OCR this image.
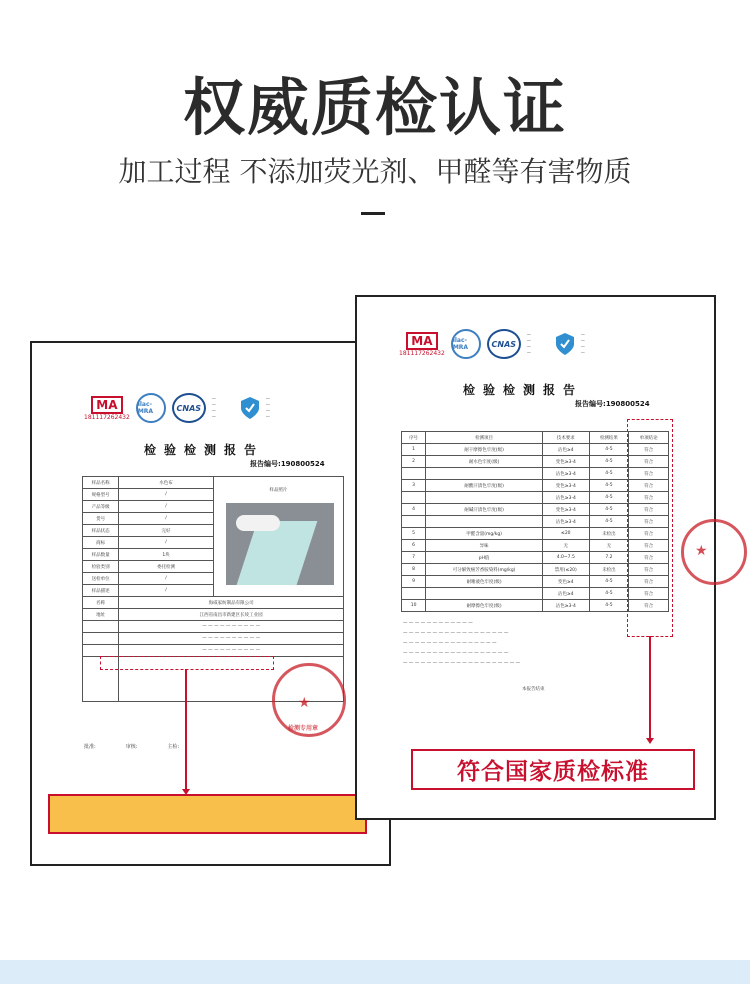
权威质检认证
加工过程 不添加荧光剂、甲醛等有害物质
MA
181117262432
ilac-MRA	CNAS
—
—
—
—
—
—
—
—
检验检测报告
报告编号:190800524
样品名称	水色布	样品照片

规格型号	/	
产品等级	/	
货号	/	
样品状态	完好	
商标	/	
样品数量	1块	
检验类别	委托检测	
送检单位	/	
样品描述	/	
名称	海威家纺制品有限公司	
地址	江西省南昌市新建区长堎工业园	
	— — — — — — — — — —	
	— — — — — — — — — —	
	— — — — — — — — — —	

★
检测专用章
批准:	审核:	主检:
MA
181117262432
ilac-MRA	CNAS
—
—
—
—
—
—
—
—
检验检测报告
报告编号:190800524
序号	检测项目	技术要求	检测结果	单项结论
1	耐干摩擦色牢度(级)	沾色≥4	4-5	符合
2	耐水色牢度(级)	变色≥3-4	4-5	符合
		沾色≥3-4	4-5	符合
3	耐酸汗渍色牢度(级)	变色≥3-4	4-5	符合
		沾色≥3-4	4-5	符合
4	耐碱汗渍色牢度(级)	变色≥3-4	4-5	符合
		沾色≥3-4	4-5	符合
5	甲醛含量(mg/kg)	≤20	未检出	符合
6	异味	无	无	符合
7	pH值	4.0~7.5	7.2	符合
8	可分解致癌芳香胺染料(mg/kg)	禁用(≤20)	未检出	符合
9	耐唾液色牢度(级)	变色≥4	4-5	符合
		沾色≥4	4-5	符合
10	耐摩擦色牢度(级)	沾色≥3-4	4-5	符合
— — — — — — — — — — — —
— — — — — — — — — — — — — — — — — —
— — — — — — — — — — — — — — — —
— — — — — — — — — — — — — — — — — —
— — — — — — — — — — — — — — — — — — — —
本报告结束
★
符合国家质检标准
